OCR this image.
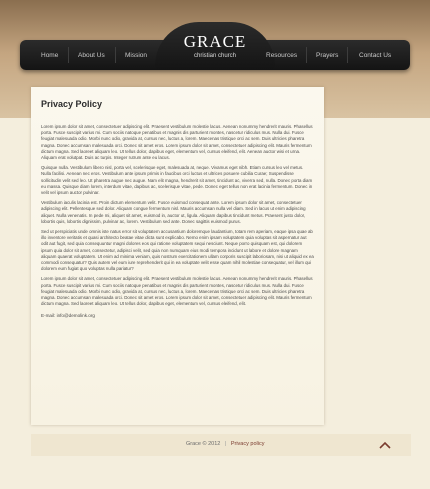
GRACE
christian church
Home	About Us	Mission	Resources	Prayers	Contact Us
Privacy Policy

Lorem ipsum dolor sit amet, consectetuer adipiscing elit. Praesent vestibulum molestie lacus. Aenean nonummy hendrerit mauris. Phasellus porta. Fusce suscipit varius mi. Cum sociis natoque penatibus et magnis dis parturient montes, nascetur ridiculus mus. Nulla dui. Fusce feugiat malesuada odio. Morbi nunc odio, gravida at, cursus nec, luctus a, lorem. Maecenas tristique orci ac sem. Duis ultricies pharetra magna. Donec accumsan malesuada orci. Donec sit amet eros. Lorem ipsum dolor sit amet, consectetuer adipiscing elit. Mauris fermentum dictum magna. Sed laoreet aliquam leo. Ut tellus dolor, dapibus eget, elementum vel, cursus eleifend, elit. Aenean auctor wisi et urna. Aliquam erat volutpat. Duis ac turpis. Integer rutrum ante eu lacus.

Quisque nulla. Vestibulum libero nisl, porta vel, scelerisque eget, malesuada at, neque. Vivamus eget nibh. Etiam cursus leo vel metus. Nulla facilisi. Aenean nec eros. Vestibulum ante ipsum primis in faucibus orci luctus et ultrices posuere cubilia Curae; Suspendisse sollicitudin velit sed leo. Ut pharetra augue nec augue. Nam elit magna, hendrerit sit amet, tincidunt ac, viverra sed, nulla. Donec porta diam eu massa. Quisque diam lorem, interdum vitae, dapibus ac, scelerisque vitae, pede. Donec eget tellus non erat lacinia fermentum. Donec in velit vel ipsum auctor pulvinar.

Vestibulum iaculis lacinia est. Proin dictum elementum velit. Fusce euismod consequat ante. Lorem ipsum dolor sit amet, consectetuer adipiscing elit. Pellentesque sed dolor. Aliquam congue fermentum nisl. Mauris accumsan nulla vel diam. Sed in lacus ut enim adipiscing aliquet. Nulla venenatis. In pede mi, aliquet sit amet, euismod in, auctor ut, ligula. Aliquam dapibus tincidunt metus. Praesent justo dolor, lobortis quis, lobortis dignissim, pulvinar ac, lorem. Vestibulum sed ante. Donec sagittis euismod purus.

Sed ut perspiciatis unde omnis iste natus error sit voluptatem accusantium doloremque laudantium, totam rem aperiam, eaque ipsa quae ab illo inventore veritatis et quasi architecto beatae vitae dicta sunt explicabo. Nemo enim ipsam voluptatem quia voluptas sit aspernatur aut odit aut fugit, sed quia consequuntur magni dolores eos qui ratione voluptatem sequi nesciunt. Neque porro quisquam est, qui dolorem ipsum quia dolor sit amet, consectetur, adipisci velit, sed quia non numquam eius modi tempora incidunt ut labore et dolore magnam aliquam quaerat voluptatem. Ut enim ad minima veniam, quis nostrum exercitationem ullam corporis suscipit laboriosam, nisi ut aliquid ex ea commodi consequatur? Quis autem vel eum iure reprehenderit qui in ea voluptate velit esse quam nihil molestiae consequatur, vel illum qui dolorem eum fugiat quo voluptas nulla pariatur?

Lorem ipsum dolor sit amet, consectetuer adipiscing elit. Praesent vestibulum molestie lacus. Aenean nonummy hendrerit mauris. Phasellus porta. Fusce suscipit varius mi. Cum sociis natoque penatibus et magnis dis parturient montes, nascetur ridiculus mus. Nulla dui. Fusce feugiat malesuada odio. Morbi nunc odio, gravida at, cursus nec, luctus a, lorem. Maecenas tristique orci ac sem. Duis ultricies pharetra magna. Donec accumsan malesuada orci. Donec sit amet eros. Lorem ipsum dolor sit amet, consectetuer adipiscing elit. Mauris fermentum dictum magna. Sed laoreet aliquam leo. Ut tellus dolor, dapibus eget, elementum vel, cursus eleifend, elit.

E-mail: info@demolink.org
Grace © 2012 | Privacy policy
